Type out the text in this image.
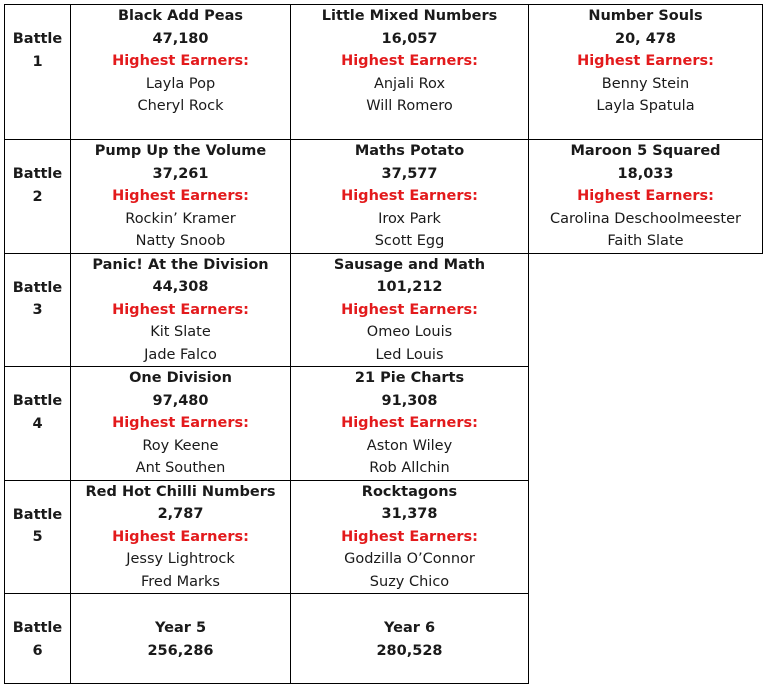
Battle
1	Black Add Peas
47,180
Highest Earners:
Layla Pop
Cheryl Rock	Little Mixed Numbers
16,057
Highest Earners:
Anjali Rox
Will Romero	Number Souls
20, 478
Highest Earners:
Benny Stein
Layla Spatula

Battle
2	Pump Up the Volume
37,261
Highest Earners:
Rockin’ Kramer
Natty Snoob	Maths Potato
37,577
Highest Earners:
Irox Park
Scott Egg	Maroon 5 Squared
18,033
Highest Earners:
Carolina Deschoolmeester
Faith Slate

Battle
3	Panic! At the Division
44,308
Highest Earners:
Kit Slate
Jade Falco	Sausage and Math
101,212
Highest Earners:
Omeo Louis
Led Louis	

Battle
4	One Division
97,480
Highest Earners:
Roy Keene
Ant Southen	21 Pie Charts
91,308
Highest Earners:
Aston Wiley
Rob Allchin	

Battle
5	Red Hot Chilli Numbers
2,787
Highest Earners:
Jessy Lightrock
Fred Marks	Rocktagons
31,378
Highest Earners:
Godzilla O’Connor
Suzy Chico	

Battle
6	Year 5
256,286	Year 6
280,528	
